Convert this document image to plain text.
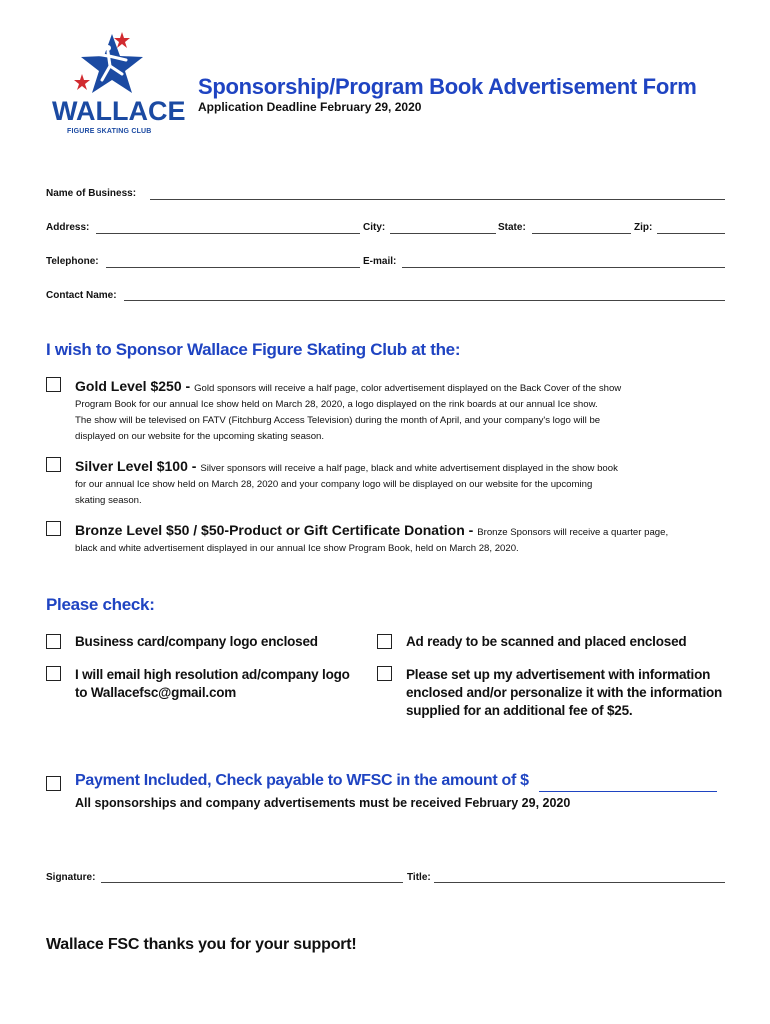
WALLACE
FIGURE SKATING CLUB
Sponsorship/Program Book Advertisement Form
Application Deadline February 29, 2020
Name of Business:
Address:	City:	State:	Zip:
Telephone:	E-mail:
Contact Name:
I wish to Sponsor Wallace Figure Skating Club at the:
Gold Level $250 - Gold sponsors will receive a half page, color advertisement displayed on the Back Cover of the show
Program Book for our annual Ice show held on March 28, 2020, a logo displayed on the rink boards at our annual Ice show.
The show will be televised on FATV (Fitchburg Access Television) during the month of April, and your company's logo will be
displayed on our website for the upcoming skating season.
Silver Level $100 - Silver sponsors will receive a half page, black and white advertisement displayed in the show book
for our annual Ice show held on March 28, 2020 and your company logo will be displayed on our website for the upcoming
skating season.
Bronze Level $50 / $50-Product or Gift Certificate Donation - Bronze Sponsors will receive a quarter page,
black and white advertisement displayed in our annual Ice show Program Book, held on March 28, 2020.
Please check:
Business card/company logo enclosed	Ad ready to be scanned and placed enclosed
I will email high resolution ad/company logo
to Wallacefsc@gmail.com
Please set up my advertisement with information
enclosed and/or personalize it with the information
supplied for an additional fee of $25.
Payment Included, Check payable to WFSC in the amount of $
All sponsorships and company advertisements must be received February 29, 2020
Signature:	Title:
Wallace FSC thanks you for your support!
